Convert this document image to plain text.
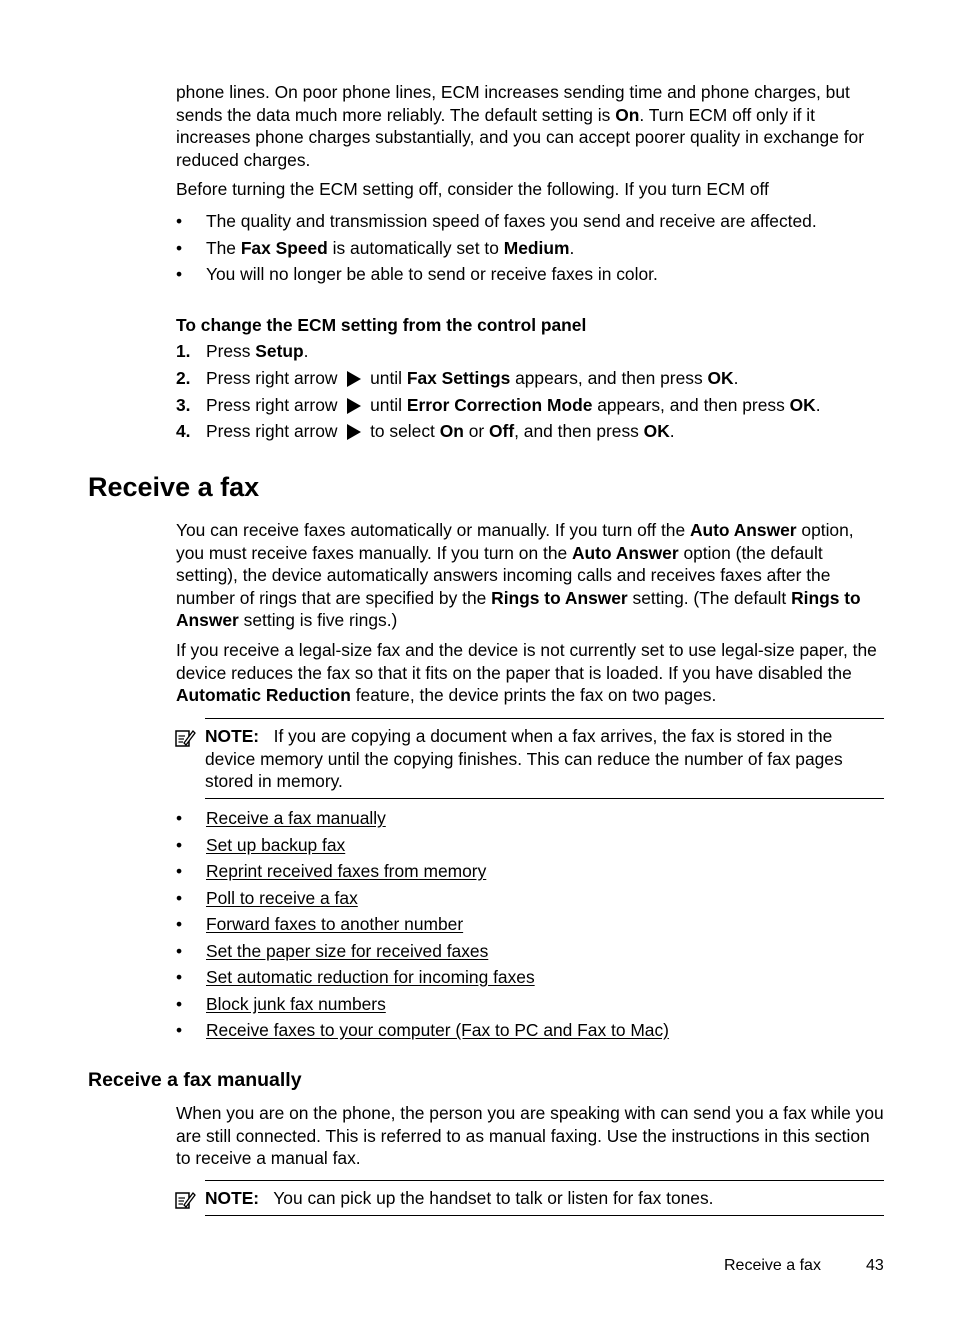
phone lines. On poor phone lines, ECM increases sending time and phone charges, but sends the data much more reliably. The default setting is On. Turn ECM off only if it increases phone charges substantially, and you can accept poorer quality in exchange for reduced charges.

Before turning the ECM setting off, consider the following. If you turn ECM off

• The quality and transmission speed of faxes you send and receive are affected.
• The Fax Speed is automatically set to Medium.
• You will no longer be able to send or receive faxes in color.
To change the ECM setting from the control panel
1. Press Setup.
2. Press right arrow  until Fax Settings appears, and then press OK.
3. Press right arrow  until Error Correction Mode appears, and then press OK.
4. Press right arrow  to select On or Off, and then press OK.
Receive a fax

You can receive faxes automatically or manually. If you turn off the Auto Answer option, you must receive faxes manually. If you turn on the Auto Answer option (the default setting), the device automatically answers incoming calls and receives faxes after the number of rings that are specified by the Rings to Answer setting. (The default Rings to Answer setting is five rings.)

If you receive a legal-size fax and the device is not currently set to use legal-size paper, the device reduces the fax so that it fits on the paper that is loaded. If you have disabled the Automatic Reduction feature, the device prints the fax on two pages.

NOTE: If you are copying a document when a fax arrives, the fax is stored in the device memory until the copying finishes. This can reduce the number of fax pages stored in memory.
• Receive a fax manually
• Set up backup fax
• Reprint received faxes from memory
• Poll to receive a fax
• Forward faxes to another number
• Set the paper size for received faxes
• Set automatic reduction for incoming faxes
• Block junk fax numbers
• Receive faxes to your computer (Fax to PC and Fax to Mac)
Receive a fax manually

When you are on the phone, the person you are speaking with can send you a fax while you are still connected. This is referred to as manual faxing. Use the instructions in this section to receive a manual fax.

NOTE: You can pick up the handset to talk or listen for fax tones.
Receive a fax	43
